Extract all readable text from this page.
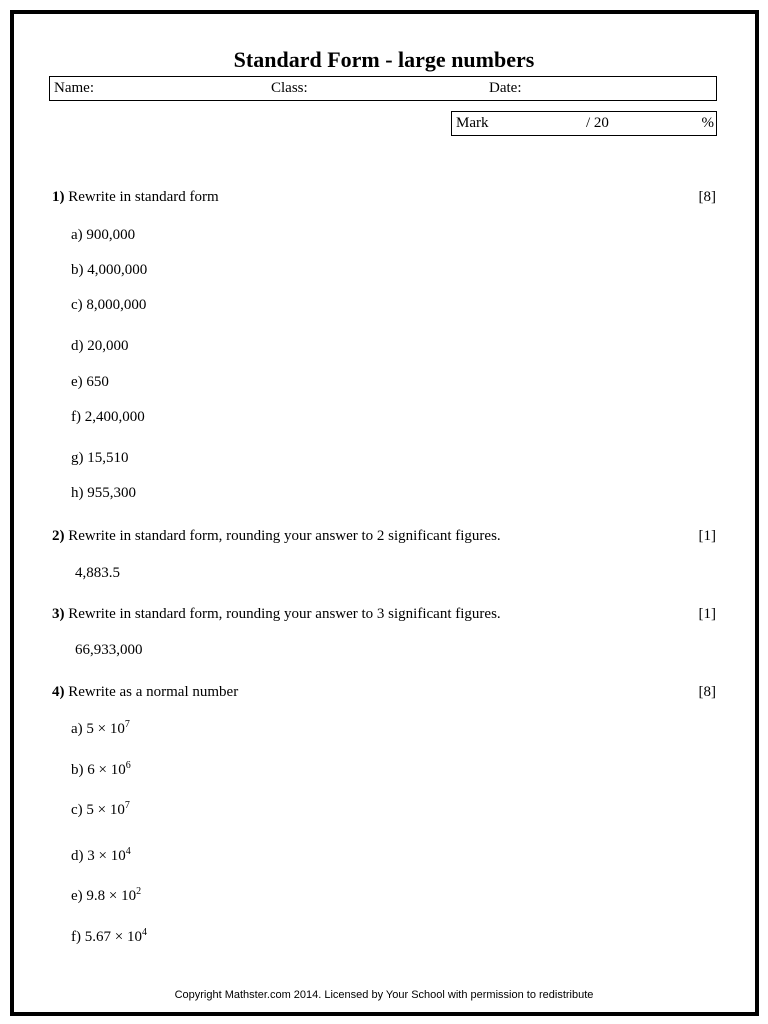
Standard Form - large numbers
Name:	Class:	Date:
Mark	/ 20	%
1) Rewrite in standard form	[8]
a) 900,000
b) 4,000,000
c) 8,000,000
d) 20,000
e) 650
f) 2,400,000
g) 15,510
h) 955,300
2) Rewrite in standard form, rounding your answer to 2 significant figures.	[1]
4,883.5
3) Rewrite in standard form, rounding your answer to 3 significant figures.	[1]
66,933,000
4) Rewrite as a normal number	[8]
a) $5 \times 10^7$
b) $6 \times 10^6$
c) $5 \times 10^7$
d) $3 \times 10^4$
e) $9.8 \times 10^2$
f) $5.67 \times 10^4$
Copyright Mathster.com 2014. Licensed by Your School with permission to redistribute
